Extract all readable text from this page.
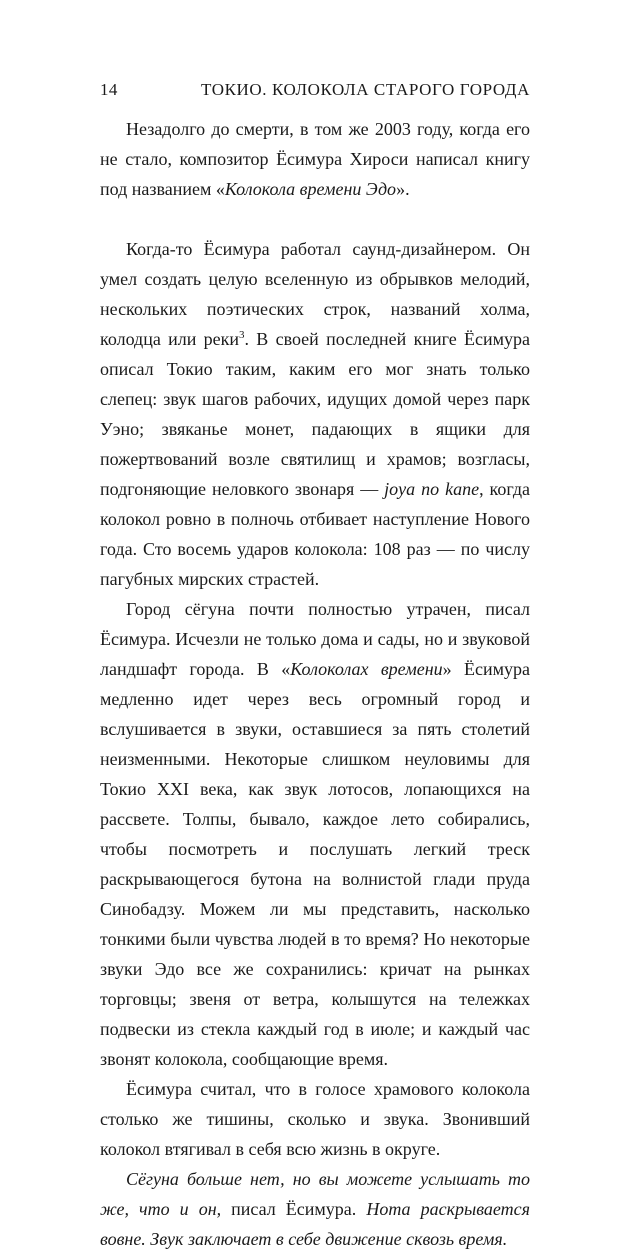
14	ТОКИО. КОЛОКОЛА СТАРОГО ГОРОДА

Незадолго до смерти, в том же 2003 году, когда его не стало, композитор Ёсимура Хироси написал книгу под названием «Колокола времени Эдо».

Когда-то Ёсимура работал саунд-дизайнером. Он умел создать целую вселенную из обрывков мелодий, нескольких поэтических строк, названий холма, колодца или реки$^3$. В своей последней книге Ёсимура описал Токио таким, каким его мог знать только слепец: звук шагов рабочих, идущих домой через парк Уэно; звяканье монет, падающих в ящики для пожертвований возле святилищ и храмов; возгласы, подгоняющие неловкого звонаря — joya no kane, когда колокол ровно в полночь отбивает наступление Нового года. Сто восемь ударов колокола: 108 раз — по числу пагубных мирских страстей.

Город сёгуна почти полностью утрачен, писал Ёсимура. Исчезли не только дома и сады, но и звуковой ландшафт города. В «Колоколах времени» Ёсимура медленно идет через весь огромный город и вслушивается в звуки, оставшиеся за пять столетий неизменными. Некоторые слишком неуловимы для Токио XXI века, как звук лотосов, лопающихся на рассвете. Толпы, бывало, каждое лето собирались, чтобы посмотреть и послушать легкий треск раскрывающегося бутона на волнистой глади пруда Синобадзу. Можем ли мы представить, насколько тонкими были чувства людей в то время? Но некоторые звуки Эдо все же сохранились: кричат на рынках торговцы; звеня от ветра, колышутся на тележках подвески из стекла каждый год в июле; и каждый час звонят колокола, сообщающие время.

Ёсимура считал, что в голосе храмового колокола столько же тишины, сколько и звука. Звонивший колокол втягивал в себя всю жизнь в округе.

Сёгуна больше нет, но вы можете услышать то же, что и он, писал Ёсимура. Нота раскрывается вовне. Звук заключает в себе движение сквозь время.
